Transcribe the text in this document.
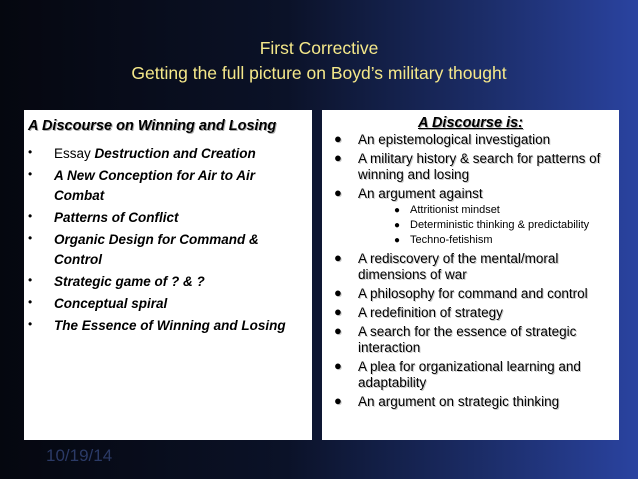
First Corrective
Getting the full picture on Boyd’s military thought
A Discourse on Winning and Losing
• Essay Destruction and Creation
• A New Conception for Air to Air Combat
• Patterns of Conflict
• Organic Design for Command & Control
• Strategic game of ? & ?
• Conceptual spiral
• The Essence of Winning and Losing
A Discourse is:
● An epistemological investigation
● A military history & search for patterns of winning and losing
● An argument against
● Attritionist mindset
● Deterministic thinking & predictability
● Techno-fetishism
● A rediscovery of the mental/moral dimensions of war
● A philosophy for command and control
● A redefinition of strategy
● A search for the essence of strategic interaction
● A plea for organizational learning and adaptability
● An argument on strategic thinking
10/19/14
